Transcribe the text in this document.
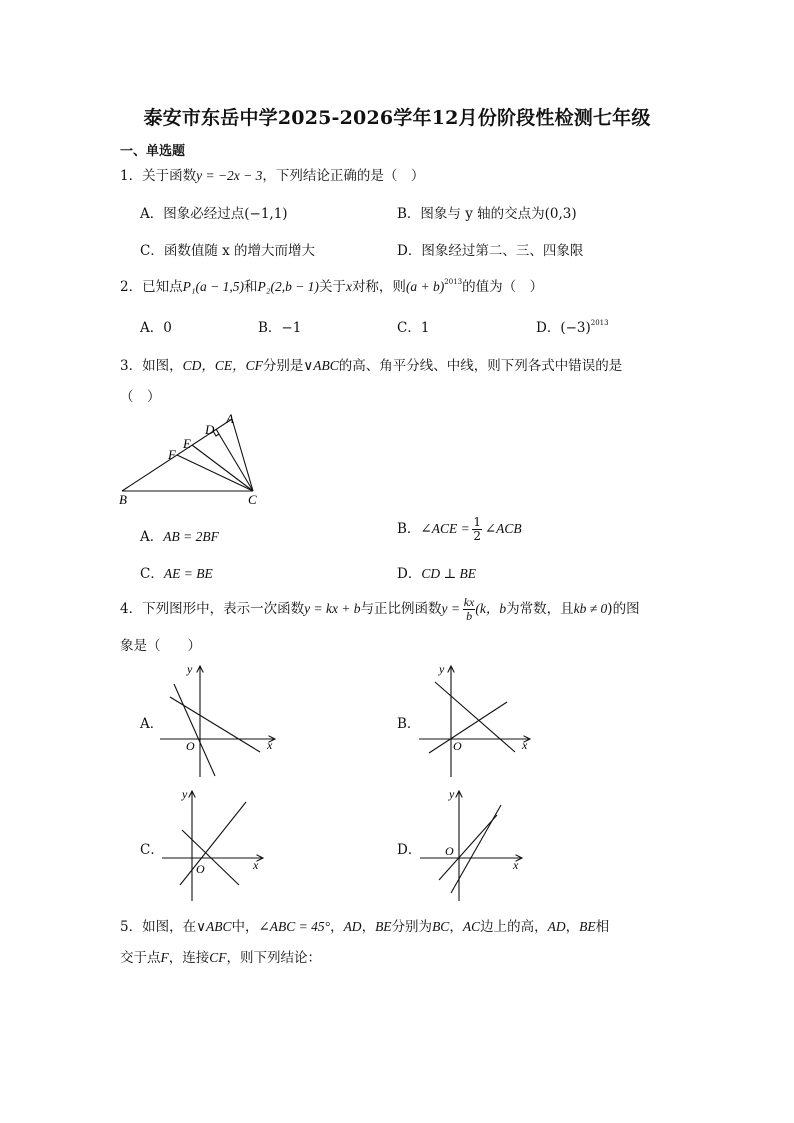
泰安市东岳中学2025-2026学年12月份阶段性检测七年级
一、单选题
1．关于函数y = −2x − 3，下列结论正确的是（　）
A．图象必经过点(−1,1)	B．图象与 y 轴的交点为(0,3)
C．函数值随 x 的增大而增大	D．图象经过第二、三、四象限
2．已知点P₁(a − 1,5)和P₂(2,b − 1)关于x对称，则$(a + b)^{2013}$的值为（　）
A．0	B．−1	C．1	D．$(-3)^{2013}$
3．如图，CD，CE，CF分别是∨ABC的高、角平分线、中线，则下列各式中错误的是
（　）
A
D
E
F
B	C
A．AB = 2BF	B．∠ACE =  $\frac{1}{2}$
  ∠ACB
C．AE = BE	D．CD ⊥ BE
4．下列图形中，表示一次函数y = kx + b与正比例函数$y = \frac{kx}{b} (k$，b为常数，且kb ≠ 0)的图
象是（　　）
A．	B．
C．	D．
y
x
O
y
x
O
y
x
O
y
x
O
5．如图，在∨ABC中，∠ABC = 45°，AD，BE分别为BC，AC边上的高，AD，BE相
交于点F，连接CF，则下列结论：
